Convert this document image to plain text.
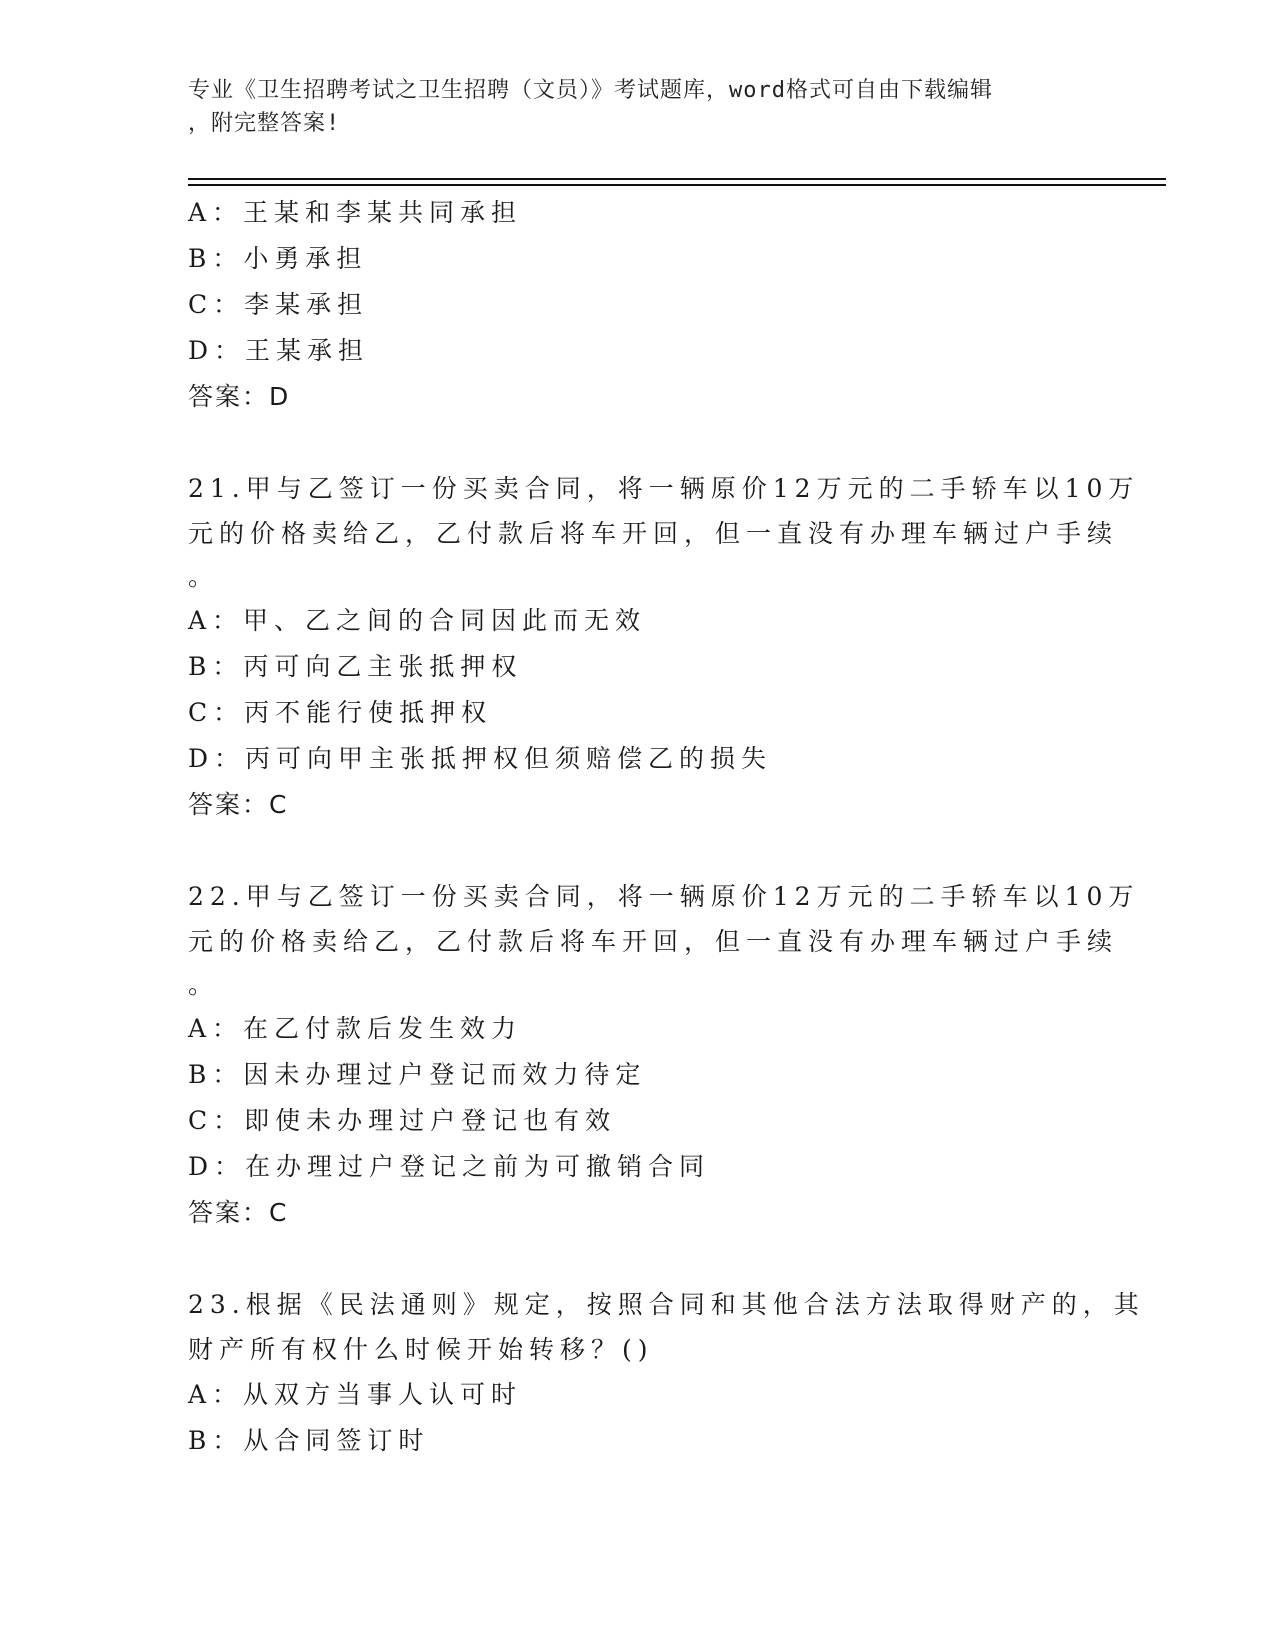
专业《卫生招聘考试之卫生招聘（文员）》考试题库，word格式可自由下载编辑
，附完整答案!
A：王某和李某共同承担
B：小勇承担
C：李某承担
D：王某承担
答案：D
21.甲与乙签订一份买卖合同，将一辆原价12万元的二手轿车以10万
元的价格卖给乙，乙付款后将车开回，但一直没有办理车辆过户手续
。
A：甲、乙之间的合同因此而无效
B：丙可向乙主张抵押权
C：丙不能行使抵押权
D：丙可向甲主张抵押权但须赔偿乙的损失
答案：C
22.甲与乙签订一份买卖合同，将一辆原价12万元的二手轿车以10万
元的价格卖给乙，乙付款后将车开回，但一直没有办理车辆过户手续
。
A：在乙付款后发生效力
B：因未办理过户登记而效力待定
C：即使未办理过户登记也有效
D：在办理过户登记之前为可撤销合同
答案：C
23.根据《民法通则》规定，按照合同和其他合法方法取得财产的，其
财产所有权什么时候开始转移？()
A：从双方当事人认可时
B：从合同签订时
